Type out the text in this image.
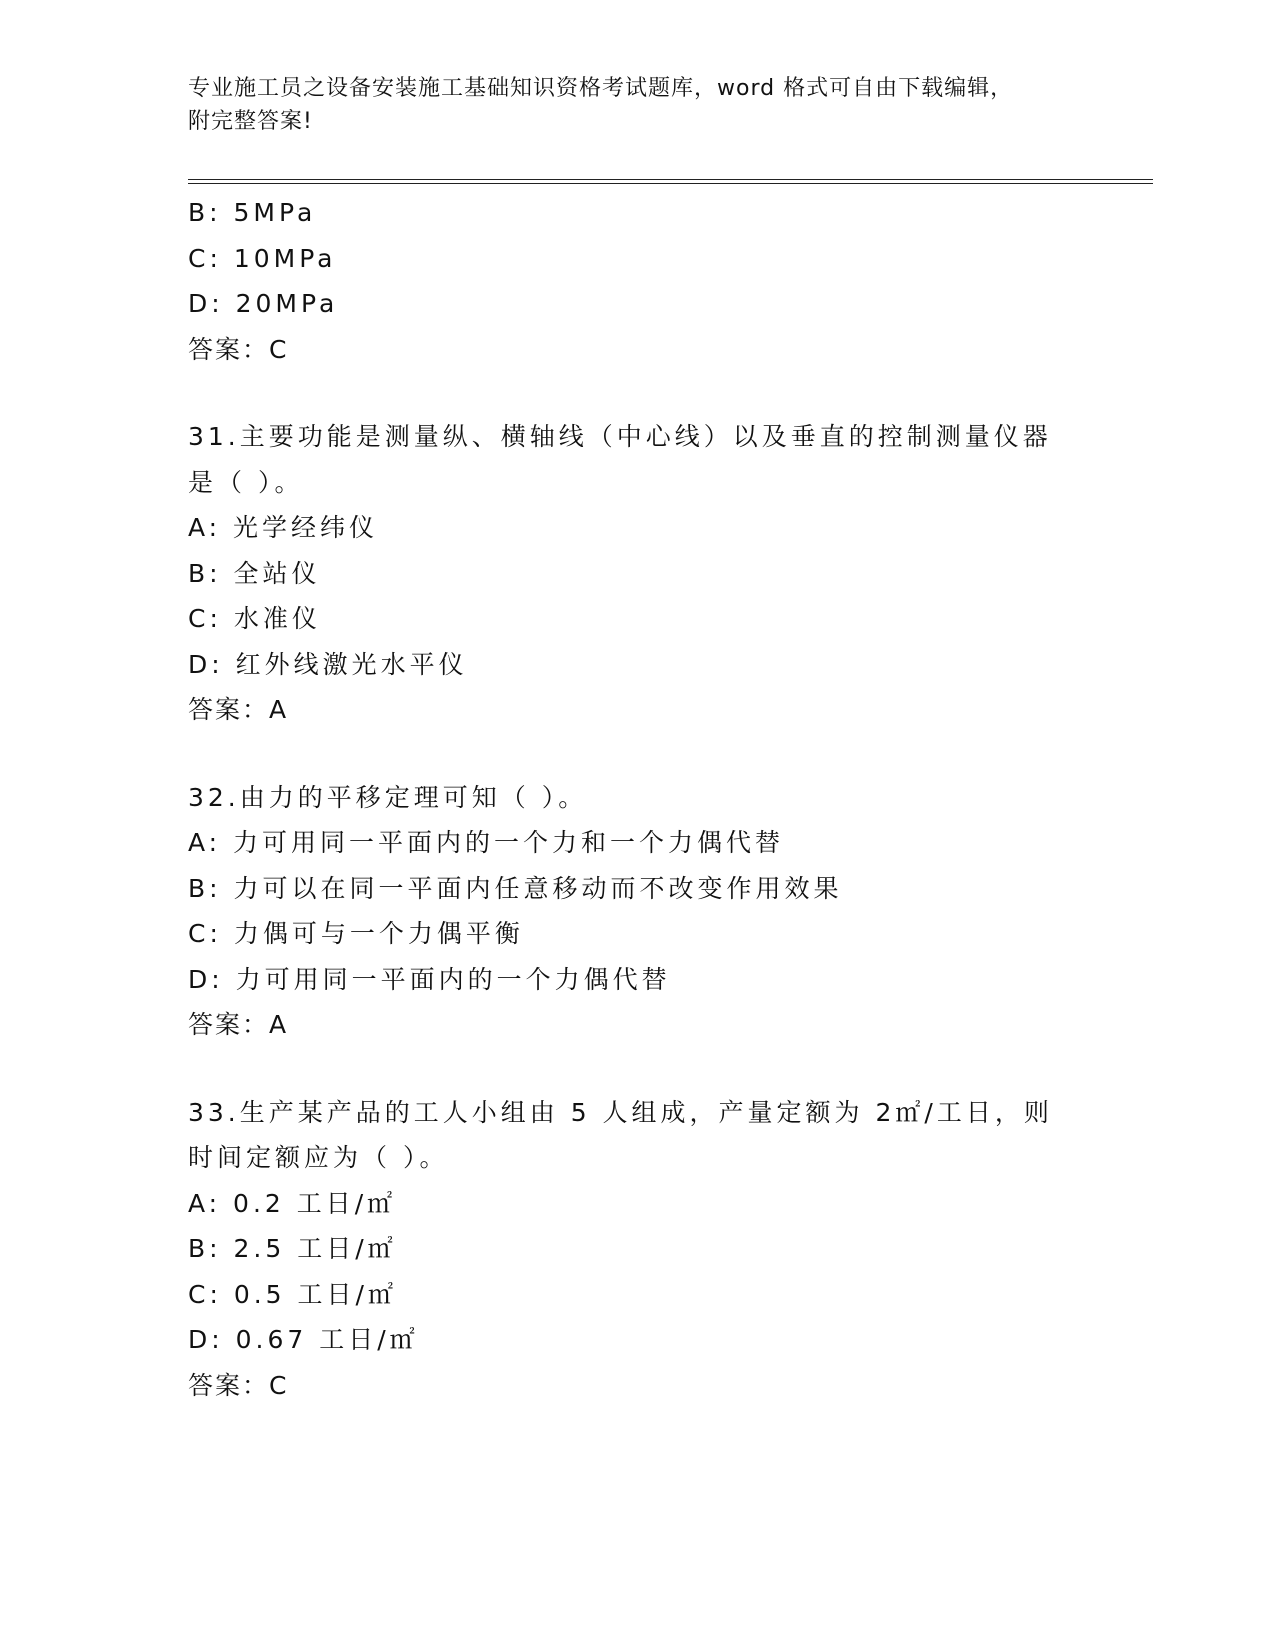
专业施工员之设备安装施工基础知识资格考试题库，word 格式可自由下载编辑，
附完整答案!
B: 5MPa
C: 10MPa
D: 20MPa
答案：C
31.主要功能是测量纵、横轴线（中心线）以及垂直的控制测量仪器是（ ）。
A: 光学经纬仪
B: 全站仪
C: 水准仪
D: 红外线激光水平仪
答案：A
32.由力的平移定理可知（ ）。
A: 力可用同一平面内的一个力和一个力偶代替
B: 力可以在同一平面内任意移动而不改变作用效果
C: 力偶可与一个力偶平衡
D: 力可用同一平面内的一个力偶代替
答案：A
33.生产某产品的工人小组由 5 人组成，产量定额为 2㎡/工日，则时间定额应为（ ）。
A: 0.2 工日/㎡
B: 2.5 工日/㎡
C: 0.5 工日/㎡
D: 0.67 工日/㎡
答案：C
